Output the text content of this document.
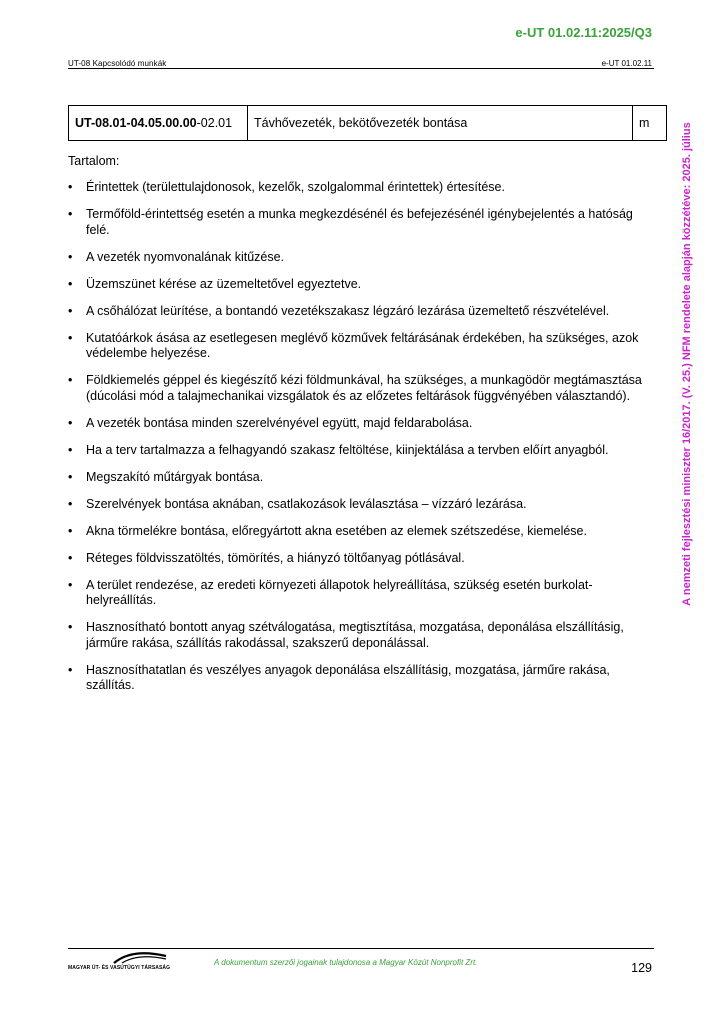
e-UT 01.02.11:2025/Q3
UT-08 Kapcsolódó munkák	e-UT 01.02.11
A nemzeti fejlesztési miniszter 16/2017. (V. 25.) NFM rendelete alapján közzétéve: 2025. július
UT-08.01-04.05.00.00-02.01	Távhővezeték, bekötővezeték bontása	m
Tartalom:
• Érintettek (területtulajdonosok, kezelők, szolgalommal érintettek) értesítése.
• Termőföld-érintettség esetén a munka megkezdésénél és befejezésénél igénybejelentés a hatóság felé.
• A vezeték nyomvonalának kitűzése.
• Üzemszünet kérése az üzemeltetővel egyeztetve.
• A csőhálózat leürítése, a bontandó vezetékszakasz légzáró lezárása üzemeltető részvételével.
• Kutatóárkok ásása az esetlegesen meglévő közművek feltárásának érdekében, ha szükséges, azok védelembe helyezése.
• Földkiemelés géppel és kiegészítő kézi földmunkával, ha szükséges, a munkagödör megtámasztása (dúcolási mód a talajmechanikai vizsgálatok és az előzetes feltárások függvényében választandó).
• A vezeték bontása minden szerelvényével együtt, majd feldarabolása.
• Ha a terv tartalmazza a felhagyandó szakasz feltöltése, kiinjektálása a tervben előírt anyagból.
• Megszakító műtárgyak bontása.
• Szerelvények bontása aknában, csatlakozások leválasztása – vízzáró lezárása.
• Akna törmelékre bontása, előregyártott akna esetében az elemek szétszedése, kiemelése.
• Réteges földvisszatöltés, tömörítés, a hiányzó töltőanyag pótlásával.
• A terület rendezése, az eredeti környezeti állapotok helyreállítása, szükség esetén burkolat-helyreállítás.
• Hasznosítható bontott anyag szétválogatása, megtisztítása, mozgatása, deponálása elszállításig, járműre rakása, szállítás rakodással, szakszerű deponálással.
• Hasznosíthatatlan és veszélyes anyagok deponálása elszállításig, mozgatása, járműre rakása, szállítás.
MAGYAR ÚT- ÉS VASÚTÜGYI TÁRSASÁG
A dokumentum szerzői jogainak tulajdonosa a Magyar Közút Nonprofit Zrt.	129
